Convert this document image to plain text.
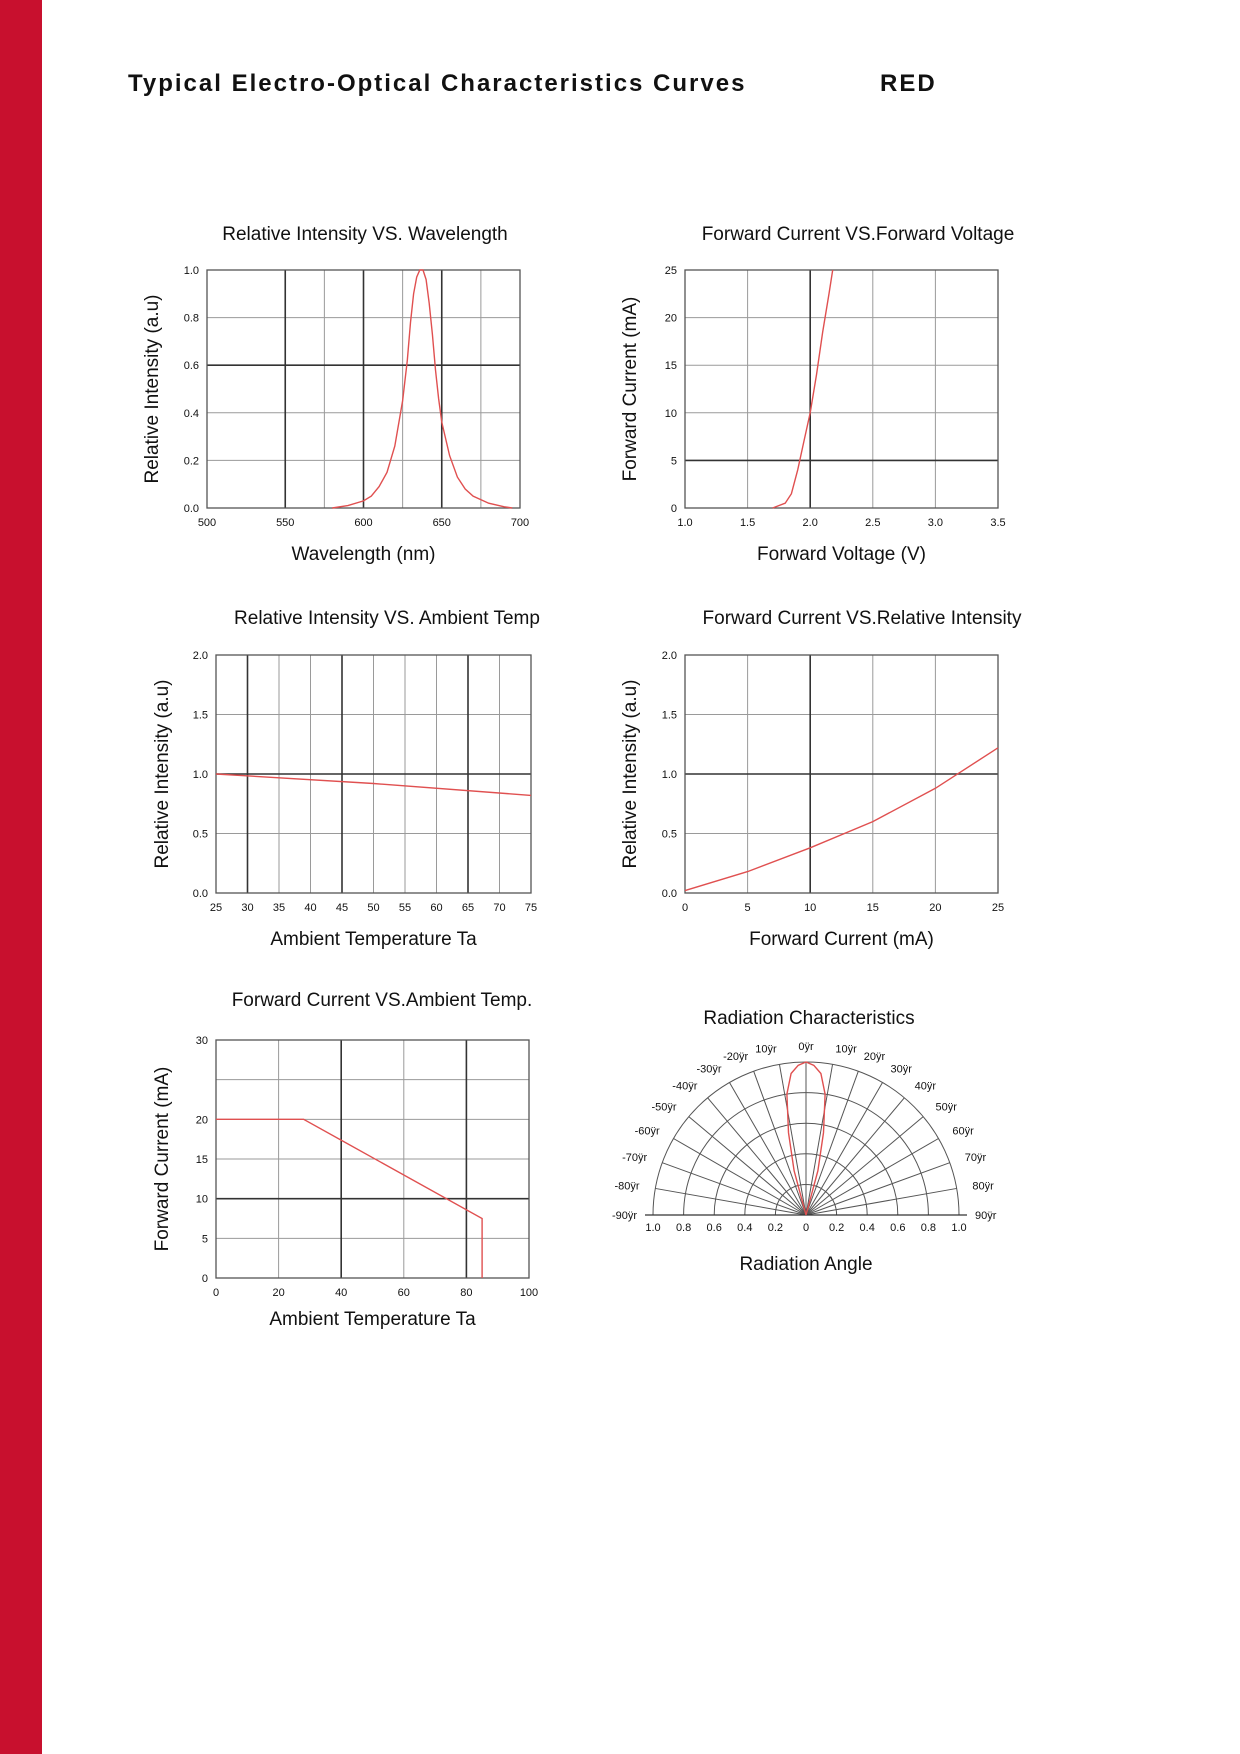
Typical Electro-Optical Characteristics Curves	RED
500	550	600	650	700
0.0
0.2
0.4
0.6
0.8
1.0
Relative Intensity VS. Wavelength
Wavelength (nm)
Relative Intensity (a.u)
1.0	1.5	2.0	2.5	3.0	3.5
0
5
10
15
20
25
Forward Current VS.Forward Voltage
Forward Voltage (V)
Forward Current (mA)
25 30 35 40 45 50 55 60 65 70 75
0.0
0.5
1.0
1.5
2.0
Relative Intensity VS. Ambient Temp
Ambient Temperature Ta
Relative Intensity (a.u)
0	5	10	15	20	25
0.0
0.5
1.0
1.5
2.0
Forward Current VS.Relative Intensity
Forward Current (mA)
Relative Intensity (a.u)
0	20	40	60	80	100
0
5
10
15
20
30
Forward Current VS.Ambient Temp.
Ambient Temperature Ta
Forward Current (mA)
Radiation Characteristics
1.0 0.8 0.6 0.4 0.2 0 0.2 0.4 0.6 0.8 1.0
-90ÿr
-80ÿr
-70ÿr
-60ÿr
-50ÿr
-40ÿr
-30ÿr
-20ÿr
10ÿr 0ÿr 10ÿr
20ÿr
30ÿr
40ÿr
50ÿr
60ÿr
70ÿr
80ÿr
90ÿr
Radiation Angle
